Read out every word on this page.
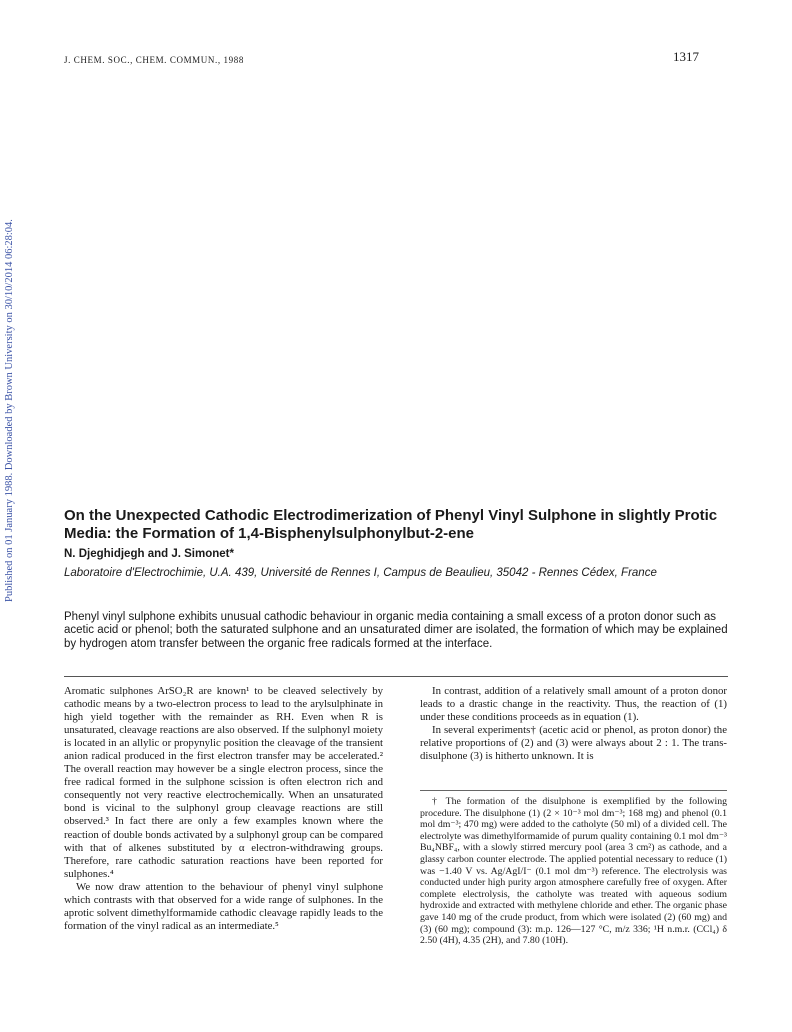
J. CHEM. SOC., CHEM. COMMUN., 1988	1317
Published on 01 January 1988. Downloaded by Brown University on 30/10/2014 06:28:04.	On the Unexpected Cathodic Electrodimerization of Phenyl Vinyl Sulphone in slightly Protic Media: the Formation of 1,4-Bisphenylsulphonylbut-2-ene
N. Djeghidjegh and J. Simonet*
Laboratoire d'Electrochimie, U.A. 439, Université de Rennes I, Campus de Beaulieu, 35042 - Rennes Cédex, France
Phenyl vinyl sulphone exhibits unusual cathodic behaviour in organic media containing a small excess of a proton donor such as acetic acid or phenol; both the saturated sulphone and an unsaturated dimer are isolated, the formation of which may be explained by hydrogen atom transfer between the organic free radicals formed at the interface.

Aromatic sulphones ArSO₂R are known¹ to be cleaved selectively by cathodic means by a two-electron process to lead to the arylsulphinate in high yield together with the remainder as RH. Even when R is unsaturated, cleavage reactions are also observed. If the sulphonyl moiety is located in an allylic or propynylic position the cleavage of the transient anion radical produced in the first electron transfer may be accelerated.² The overall reaction may however be a single electron process, since the free radical formed in the sulphone scission is often electron rich and consequently not very reactive electrochemically. When an unsaturated bond is vicinal to the sulphonyl group cleavage reactions are still observed.³ In fact there are only a few examples known where the reaction of double bonds activated by a sulphonyl group can be compared with that of alkenes substituted by α electron-withdrawing groups. Therefore, rare cathodic saturation reactions have been reported for sulphones.⁴

We now draw attention to the behaviour of phenyl vinyl sulphone which contrasts with that observed for a wide range of sulphones. In the aprotic solvent dimethylformamide cathodic cleavage rapidly leads to the formation of the vinyl radical as an intermediate.⁵

In contrast, addition of a relatively small amount of a proton donor leads to a drastic change in the reactivity. Thus, the reaction of (1) under these conditions proceeds as in equation (1).

In several experiments† (acetic acid or phenol, as proton donor) the relative proportions of (2) and (3) were always about 2 : 1. The trans-disulphone (3) is hitherto unknown. It is

† The formation of the disulphone is exemplified by the following procedure. The disulphone (1) (2 × 10⁻³ mol dm⁻³; 168 mg) and phenol (0.1 mol dm⁻³; 470 mg) were added to the catholyte (50 ml) of a divided cell. The electrolyte was dimethylformamide of purum quality containing 0.1 mol dm⁻³ Bu₄NBF₄, with a slowly stirred mercury pool (area 3 cm²) as cathode, and a glassy carbon counter electrode. The applied potential necessary to reduce (1) was −1.40 V vs. Ag/AgI/I⁻ (0.1 mol dm⁻³) reference. The electrolysis was conducted under high purity argon atmosphere carefully free of oxygen. After complete electrolysis, the catholyte was treated with aqueous sodium hydroxide and extracted with methylene chloride and ether. The organic phase gave 140 mg of the crude product, from which were isolated (2) (60 mg) and (3) (60 mg); compound (3): m.p. 126—127 °C, m/z 336; ¹H n.m.r. (CCl₄) δ 2.50 (4H), 4.35 (2H), and 7.80 (10H).
